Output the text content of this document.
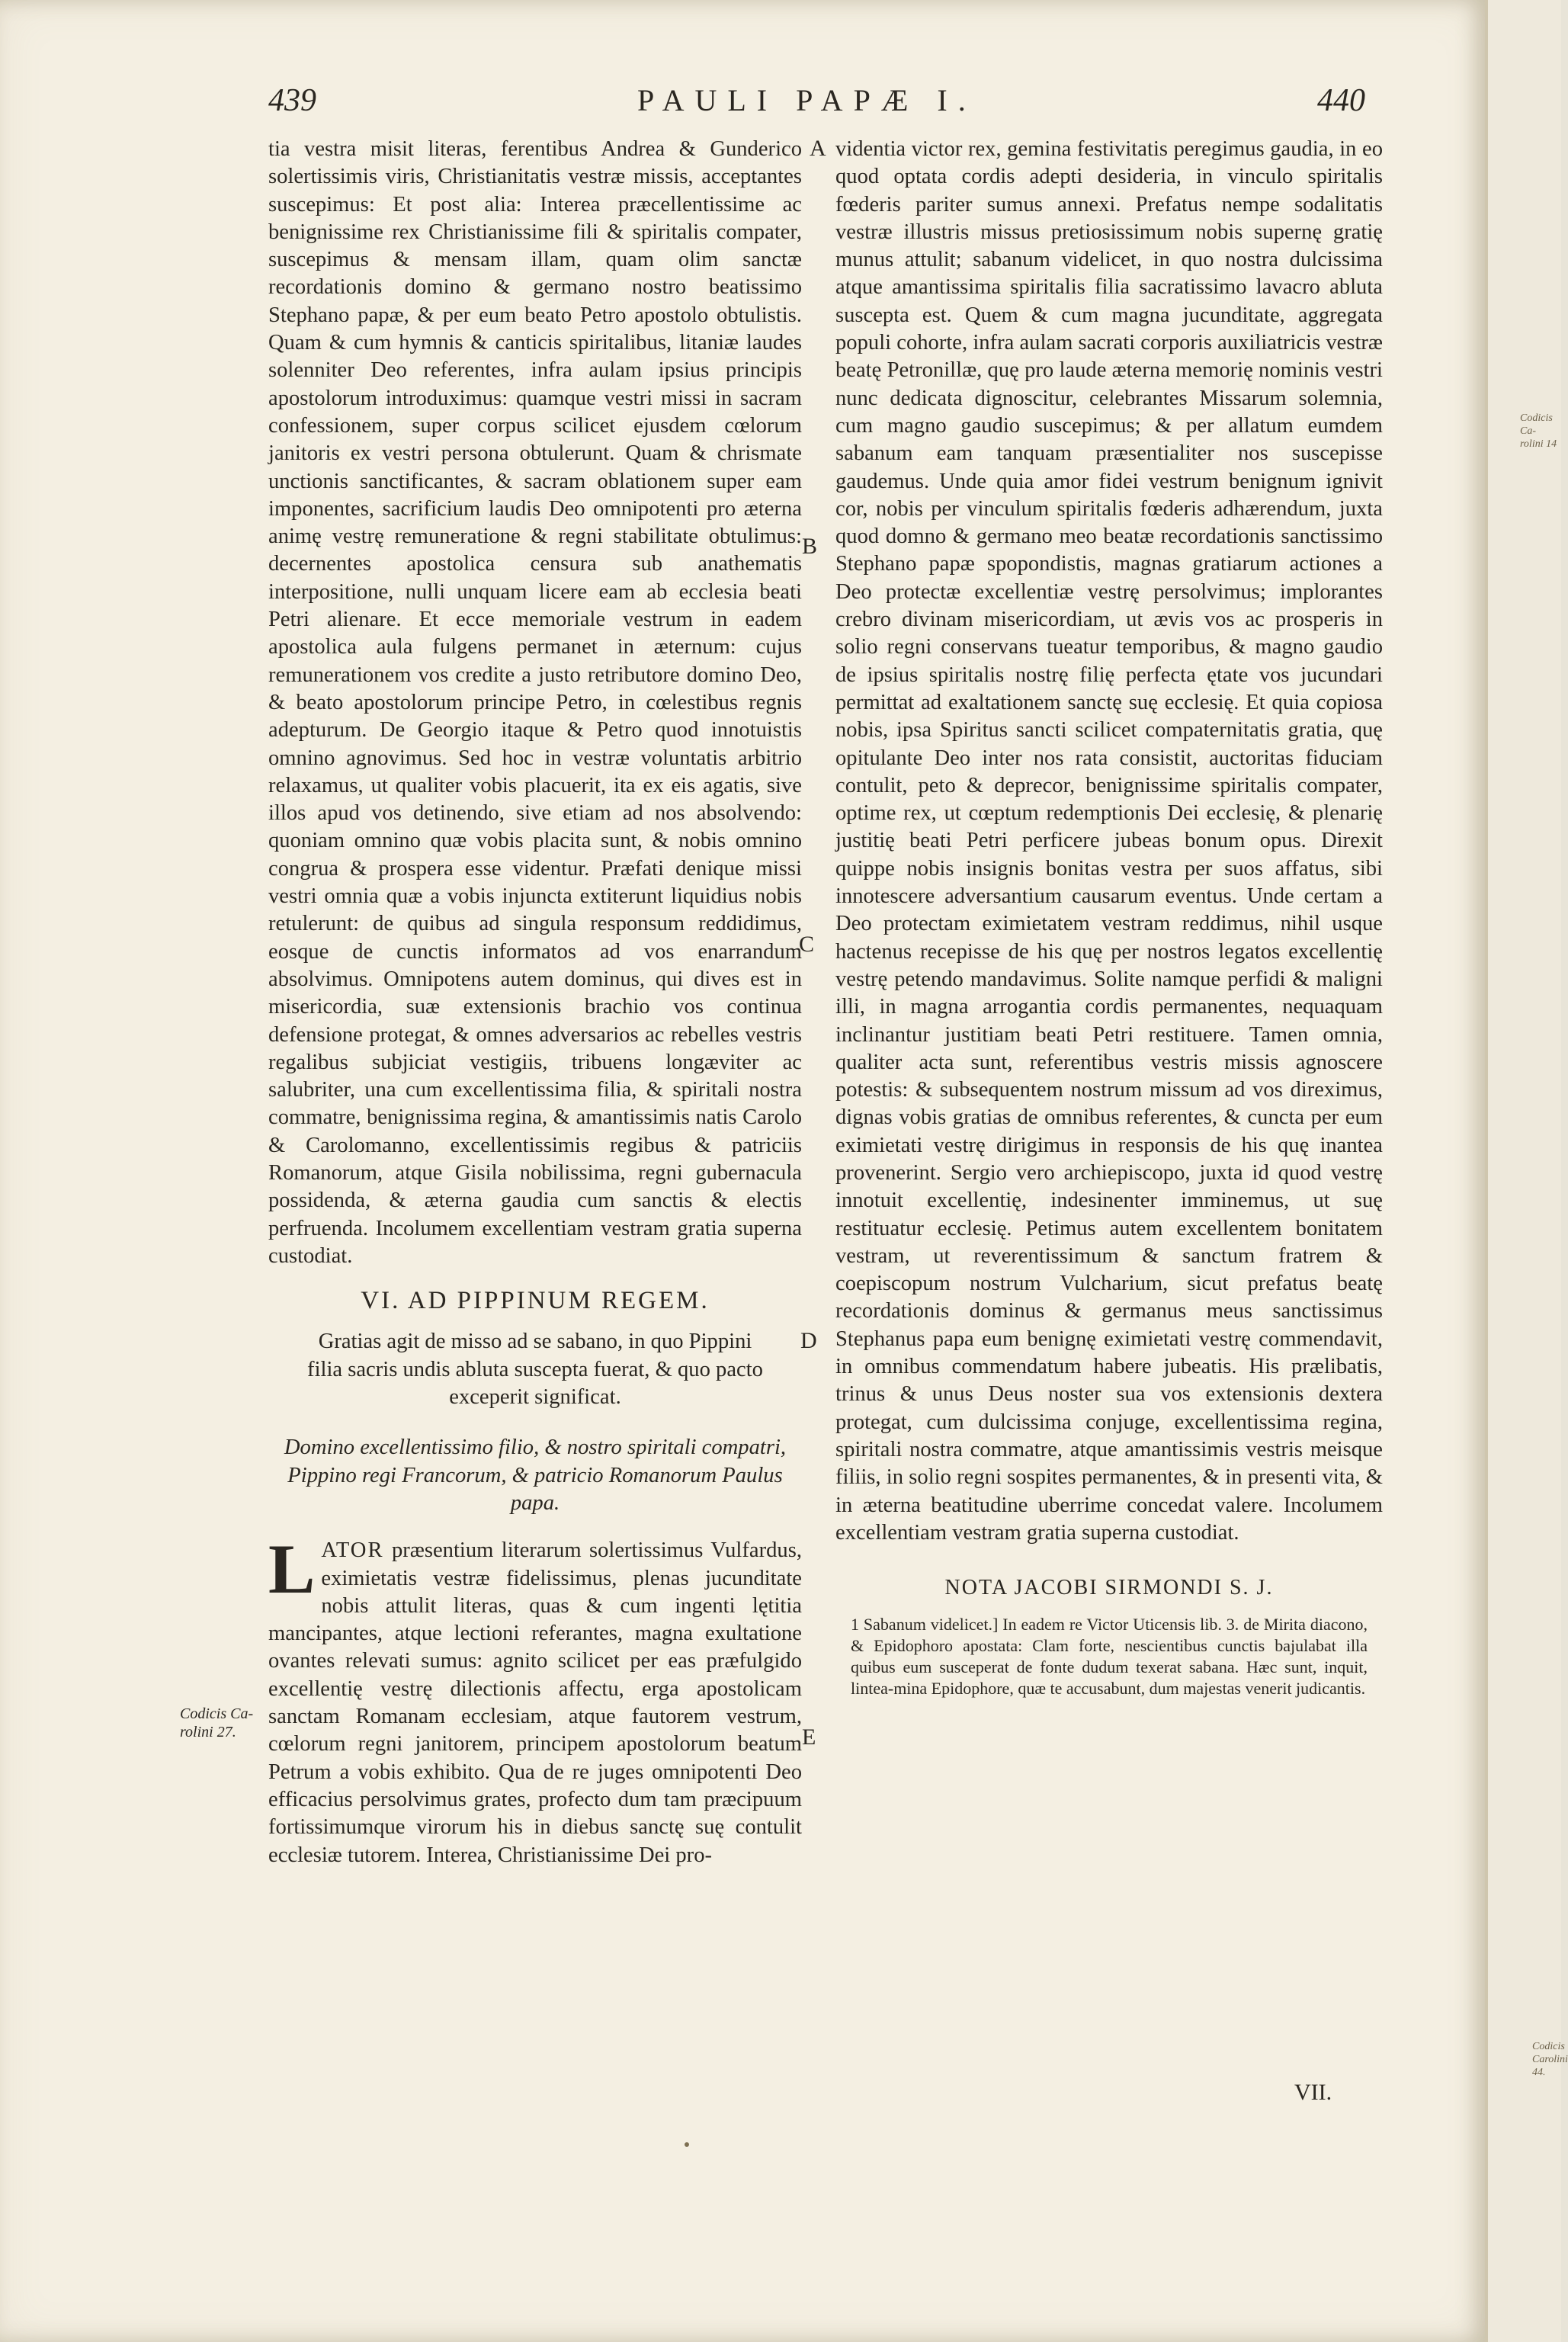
439	PAULI PAPÆ I.	440

tia vestra misit literas, ferentibus Andrea & Gunderico solertissimis viris, Christianitatis vestræ missis, acceptantes suscepimus: Et post alia: Interea præcellentissime ac benignissime rex Christianissime fili & spiritalis compater, suscepimus & mensam illam, quam olim sanctæ recordationis domino & germano nostro beatissimo Stephano papæ, & per eum beato Petro apostolo obtulistis. Quam & cum hymnis & canticis spiritalibus, litaniæ laudes solenniter Deo referentes, infra aulam ipsius principis apostolorum introduximus: quamque vestri missi in sacram confessionem, super corpus scilicet ejusdem cœlorum janitoris ex vestri persona obtulerunt. Quam & chrismate unctionis sanctificantes, & sacram oblationem super eam imponentes, sacrificium laudis Deo omnipotenti pro æterna animę vestrę remuneratione & regni stabilitate obtulimus: decernentes apostolica censura sub anathematis interpositione, nulli unquam licere eam ab ecclesia beati Petri alienare. Et ecce memoriale vestrum in eadem apostolica aula fulgens permanet in æternum: cujus remunerationem vos credite a justo retributore domino Deo, & beato apostolorum principe Petro, in cœlestibus regnis adepturum. De Georgio itaque & Petro quod innotuistis omnino agnovimus. Sed hoc in vestræ voluntatis arbitrio relaxamus, ut qualiter vobis placuerit, ita ex eis agatis, sive illos apud vos detinendo, sive etiam ad nos absolvendo: quoniam omnino quæ vobis placita sunt, & nobis omnino congrua & prospera esse videntur. Præfati denique missi vestri omnia quæ a vobis injuncta extiterunt liquidius nobis retulerunt: de quibus ad singula responsum reddidimus, eosque de cunctis informatos ad vos enarrandum absolvimus. Omnipotens autem dominus, qui dives est in misericordia, suæ extensionis brachio vos continua defensione protegat, & omnes adversarios ac rebelles vestris regalibus subjiciat vestigiis, tribuens longæviter ac salubriter, una cum excellentissima filia, & spiritali nostra commatre, benignissima regina, & amantissimis natis Carolo & Carolomanno, excellentissimis regibus & patriciis Romanorum, atque Gisila nobilissima, regni gubernacula possidenda, & æterna gaudia cum sanctis & electis perfruenda. Incolumem excellentiam vestram gratia superna custodiat.

VI. AD PIPPINUM REGEM.
Gratias agit de misso ad se sabano, in quo Pippini filia sacris undis abluta suscepta fuerat, & quo pacto exceperit significat.
Domino excellentissimo filio, & nostro spiritali compatri, Pippino regi Francorum, & patricio Romanorum Paulus papa.

LATOR præsentium literarum solertissimus Vulfardus, eximietatis vestræ fidelissimus, plenas jucunditate nobis attulit literas, quas & cum ingenti lętitia mancipantes, atque lectioni referantes, magna exultatione ovantes relevati sumus: agnito scilicet per eas præfulgido excellentię vestrę dilectionis affectu, erga apostolicam sanctam Romanam ecclesiam, atque fautorem vestrum, cœlorum regni janitorem, principem apostolorum beatum Petrum a vobis exhibito. Qua de re juges omnipotenti Deo efficacius persolvimus grates, profecto dum tam præcipuum fortissimumque virorum his in diebus sanctę suę contulit ecclesiæ tutorem. Interea, Christianissime Dei pro-

videntia victor rex, gemina festivitatis peregimus gaudia, in eo quod optata cordis adepti desideria, in vinculo spiritalis fœderis pariter sumus annexi. Prefatus nempe sodalitatis vestræ illustris missus pretiosissimum nobis supernę gratię munus attulit; sabanum videlicet, in quo nostra dulcissima atque amantissima spiritalis filia sacratissimo lavacro abluta suscepta est. Quem & cum magna jucunditate, aggregata populi cohorte, infra aulam sacrati corporis auxiliatricis vestræ beatę Petronillæ, quę pro laude æterna memorię nominis vestri nunc dedicata dignoscitur, celebrantes Missarum solemnia, cum magno gaudio suscepimus; & per allatum eumdem sabanum eam tanquam præsentialiter nos suscepisse gaudemus. Unde quia amor fidei vestrum benignum ignivit cor, nobis per vinculum spiritalis fœderis adhærendum, juxta quod domno & germano meo beatæ recordationis sanctissimo Stephano papæ spopondistis, magnas gratiarum actiones a Deo protectæ excellentiæ vestrę persolvimus; implorantes crebro divinam misericordiam, ut ævis vos ac prosperis in solio regni conservans tueatur temporibus, & magno gaudio de ipsius spiritalis nostrę filię perfecta ętate vos jucundari permittat ad exaltationem sanctę suę ecclesię. Et quia copiosa nobis, ipsa Spiritus sancti scilicet compaternitatis gratia, quę opitulante Deo inter nos rata consistit, auctoritas fiduciam contulit, peto & deprecor, benignissime spiritalis compater, optime rex, ut cœptum redemptionis Dei ecclesię, & plenarię justitię beati Petri perficere jubeas bonum opus. Direxit quippe nobis insignis bonitas vestra per suos affatus, sibi innotescere adversantium causarum eventus. Unde certam a Deo protectam eximietatem vestram reddimus, nihil usque hactenus recepisse de his quę per nostros legatos excellentię vestrę petendo mandavimus. Solite namque perfidi & maligni illi, in magna arrogantia cordis permanentes, nequaquam inclinantur justitiam beati Petri restituere. Tamen omnia, qualiter acta sunt, referentibus vestris missis agnoscere potestis: & subsequentem nostrum missum ad vos direximus, dignas vobis gratias de omnibus referentes, & cuncta per eum eximietati vestrę dirigimus in responsis de his quę inantea provenerint. Sergio vero archiepiscopo, juxta id quod vestrę innotuit excellentię, indesinenter imminemus, ut suę restituatur ecclesię. Petimus autem excellentem bonitatem vestram, ut reverentissimum & sanctum fratrem & coepiscopum nostrum Vulcharium, sicut prefatus beatę recordationis dominus & germanus meus sanctissimus Stephanus papa eum benignę eximietati vestrę commendavit, in omnibus commendatum habere jubeatis. His prælibatis, trinus & unus Deus noster sua vos extensionis dextera protegat, cum dulcissima conjuge, excellentissima regina, spiritali nostra commatre, atque amantissimis vestris meisque filiis, in solio regni sospites permanentes, & in presenti vita, & in æterna beatitudine uberrime concedat valere. Incolumem excellentiam vestram gratia superna custodiat.

NOTA JACOBI SIRMONDI S. J.
1 Sabanum videlicet.] In eadem re Victor Uticensis lib. 3. de Mirita diacono, & Epidophoro apostata: Clam forte, nescientibus cunctis bajulabat illa quibus eum susceperat de fonte dudum texerat sabana. Hæc sunt, inquit, lintea-mina Epidophore, quæ te accusabunt, dum majestas venerit judicantis.
VII.
A
B
C
D
E
Codicis Ca-rolini 27.
Codicis Ca-rolini 14
Codicis Carolini 44.
